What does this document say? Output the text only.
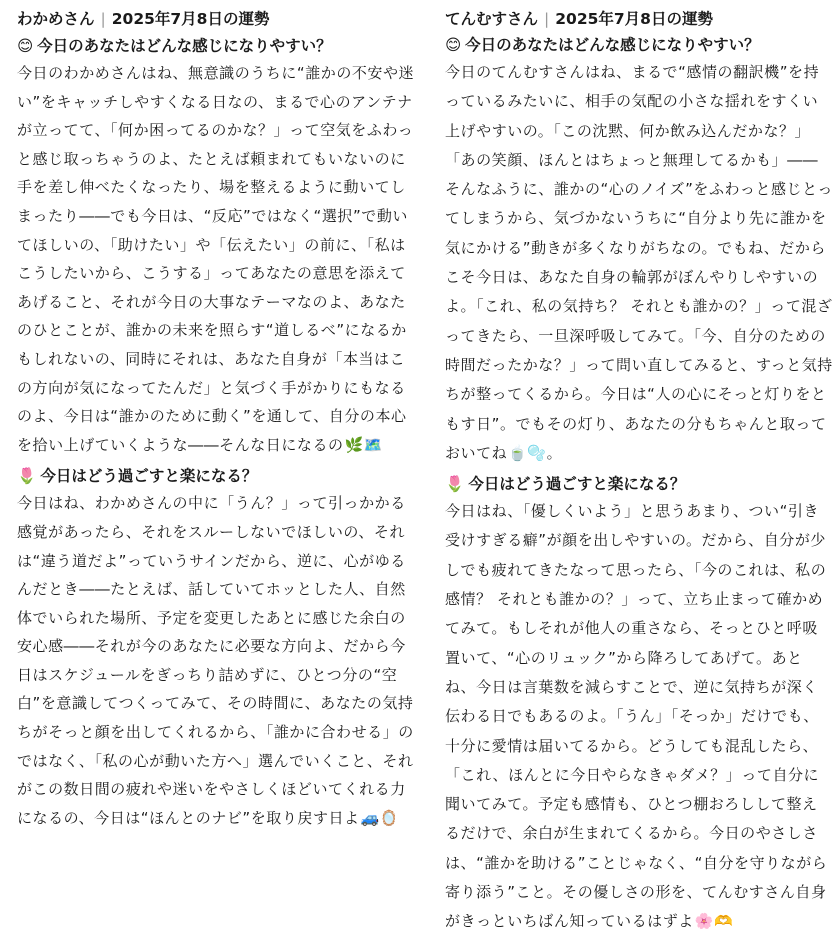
わかめさん | 2025年7月8日の運勢
😊 今日のあなたはどんな感じになりやすい？

今日のわかめさんはね、無意識のうちに“誰かの不安や迷い”をキャッチしやすくなる日なの、まるで心のアンテナが立ってて、「何か困ってるのかな？」って空気をふわっと感じ取っちゃうのよ、たとえば頼まれてもいないのに手を差し伸べたくなったり、場を整えるように動いてしまったり――でも今日は、“反応”ではなく“選択”で動いてほしいの、「助けたい」や「伝えたい」の前に、「私はこうしたいから、こうする」ってあなたの意思を添えてあげること、それが今日の大事なテーマなのよ、あなたのひとことが、誰かの未来を照らす“道しるべ”になるかもしれないの、同時にそれは、あなた自身が「本当はこの方向が気になってたんだ」と気づく手がかりにもなるのよ、今日は“誰かのために動く”を通して、自分の本心を拾い上げていくような――そんな日になるの🌿🗺️

🌷 今日はどう過ごすと楽になる？

今日はね、わかめさんの中に「うん？」って引っかかる感覚があったら、それをスルーしないでほしいの、それは“違う道だよ”っていうサインだから、逆に、心がゆるんだとき――たとえば、話していてホッとした人、自然体でいられた場所、予定を変更したあとに感じた余白の安心感――それが今のあなたに必要な方向よ、だから今日はスケジュールをぎっちり詰めずに、ひとつ分の“空白”を意識してつくってみて、その時間に、あなたの気持ちがそっと顔を出してくれるから、「誰かに合わせる」のではなく、「私の心が動いた方へ」選んでいくこと、それがこの数日間の疲れや迷いをやさしくほどいてくれる力になるの、今日は“ほんとのナビ”を取り戻す日よ🚙🪞

てんむすさん | 2025年7月8日の運勢
😊 今日のあなたはどんな感じになりやすい？

今日のてんむすさんはね、まるで“感情の翻訳機”を持っているみたいに、相手の気配の小さな揺れをすくい上げやすいの。「この沈黙、何か飲み込んだかな？」「あの笑顔、ほんとはちょっと無理してるかも」――そんなふうに、誰かの“心のノイズ”をふわっと感じとってしまうから、気づかないうちに“自分より先に誰かを気にかける”動きが多くなりがちなの。でもね、だからこそ今日は、あなた自身の輪郭がぼんやりしやすいのよ。「これ、私の気持ち？ それとも誰かの？」って混ざってきたら、一旦深呼吸してみて。「今、自分のための時間だったかな？」って問い直してみると、すっと気持ちが整ってくるから。今日は“人の心にそっと灯りをともす日”。でもその灯り、あなたの分もちゃんと取っておいてね🍵🫧。

🌷 今日はどう過ごすと楽になる？

今日はね、「優しくいよう」と思うあまり、つい“引き受けすぎる癖”が顔を出しやすいの。だから、自分が少しでも疲れてきたなって思ったら、「今のこれは、私の感情？ それとも誰かの？」って、立ち止まって確かめてみて。もしそれが他人の重さなら、そっとひと呼吸置いて、“心のリュック”から降ろしてあげて。あとね、今日は言葉数を減らすことで、逆に気持ちが深く伝わる日でもあるのよ。「うん」「そっか」だけでも、十分に愛情は届いてるから。どうしても混乱したら、「これ、ほんとに今日やらなきゃダメ？」って自分に聞いてみて。予定も感情も、ひとつ棚おろしして整えるだけで、余白が生まれてくるから。今日のやさしさは、“誰かを助ける”ことじゃなく、“自分を守りながら寄り添う”こと。その優しさの形を、てんむすさん自身がきっといちばん知っているはずよ🌸🫶
